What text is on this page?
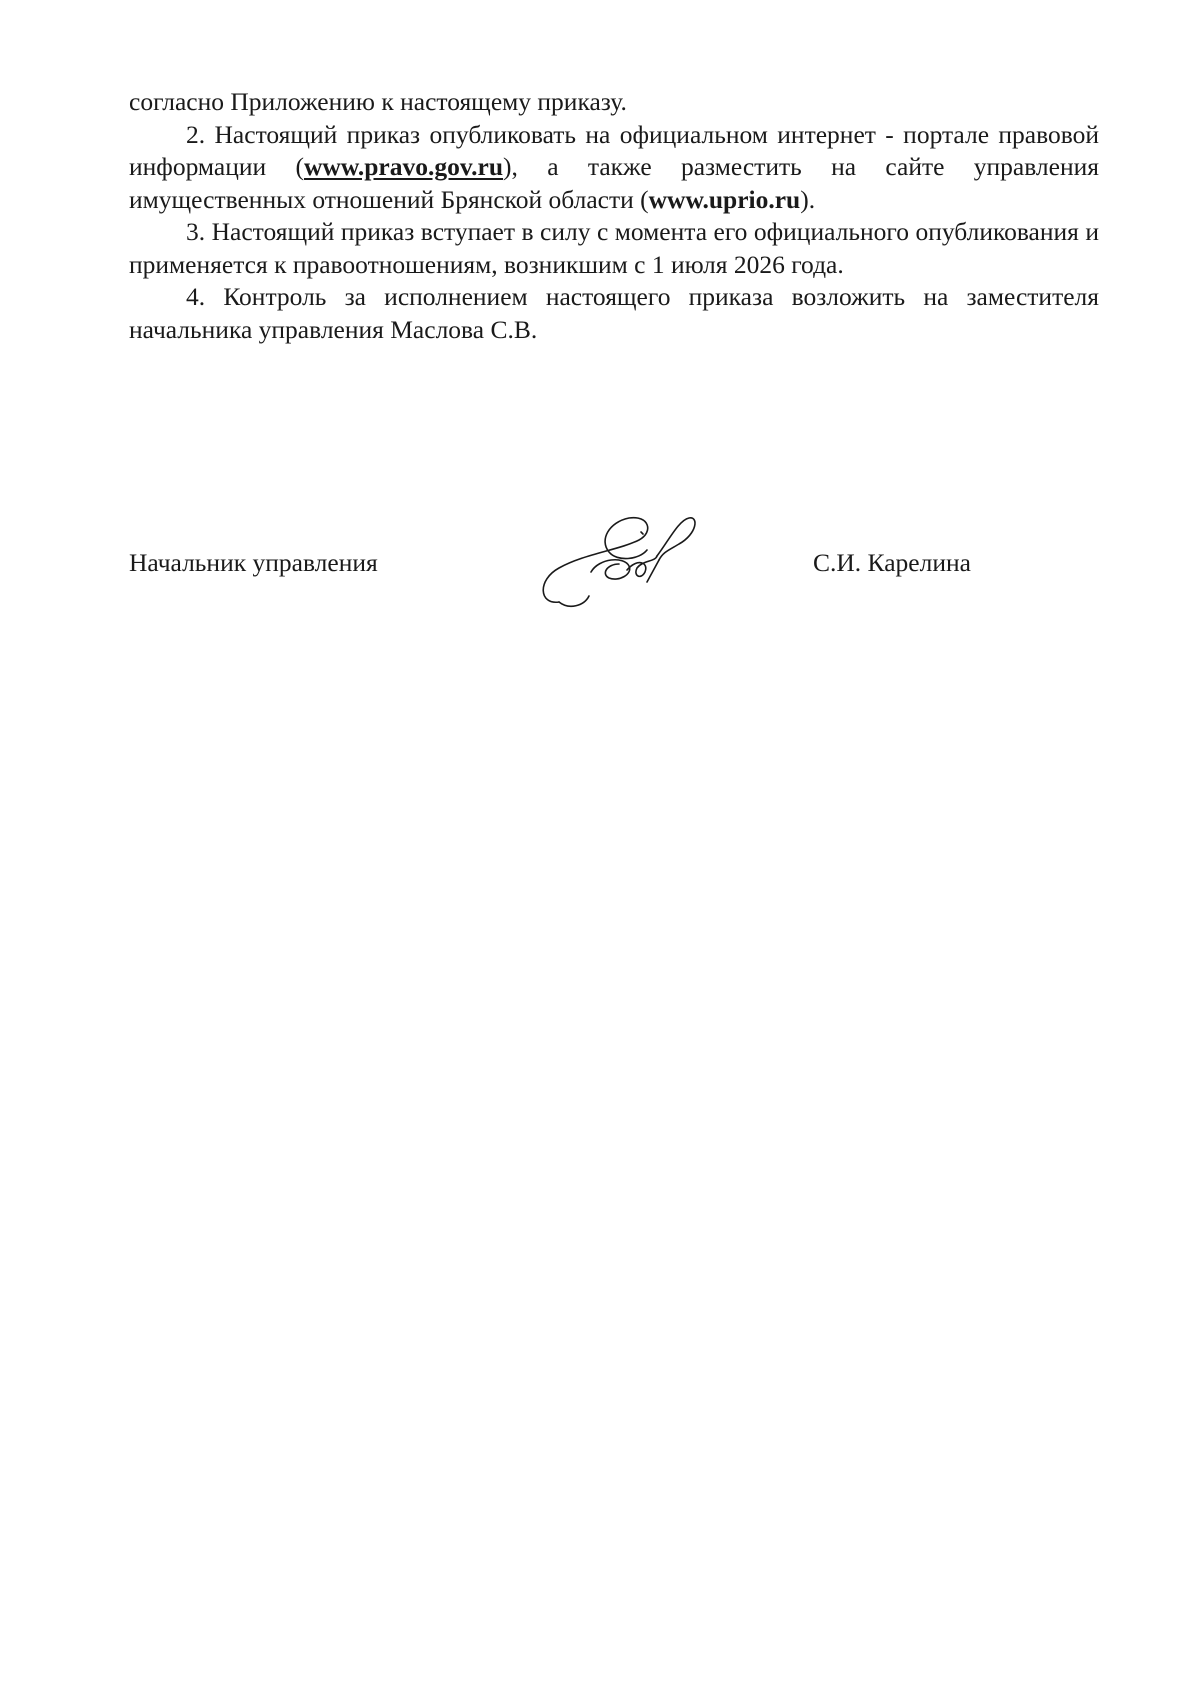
согласно Приложению к настоящему приказу.

2. Настоящий приказ опубликовать на официальном интернет - портале правовой информации (www.pravo.gov.ru), а также разместить на сайте управления имущественных отношений Брянской области (www.uprio.ru).

3. Настоящий приказ вступает в силу с момента его официального опубликования и применяется к правоотношениям, возникшим с 1 июля 2026 года.

4. Контроль за исполнением настоящего приказа возложить на заместителя начальника управления Маслова С.В.

Начальник управления	С.И. Карелина
